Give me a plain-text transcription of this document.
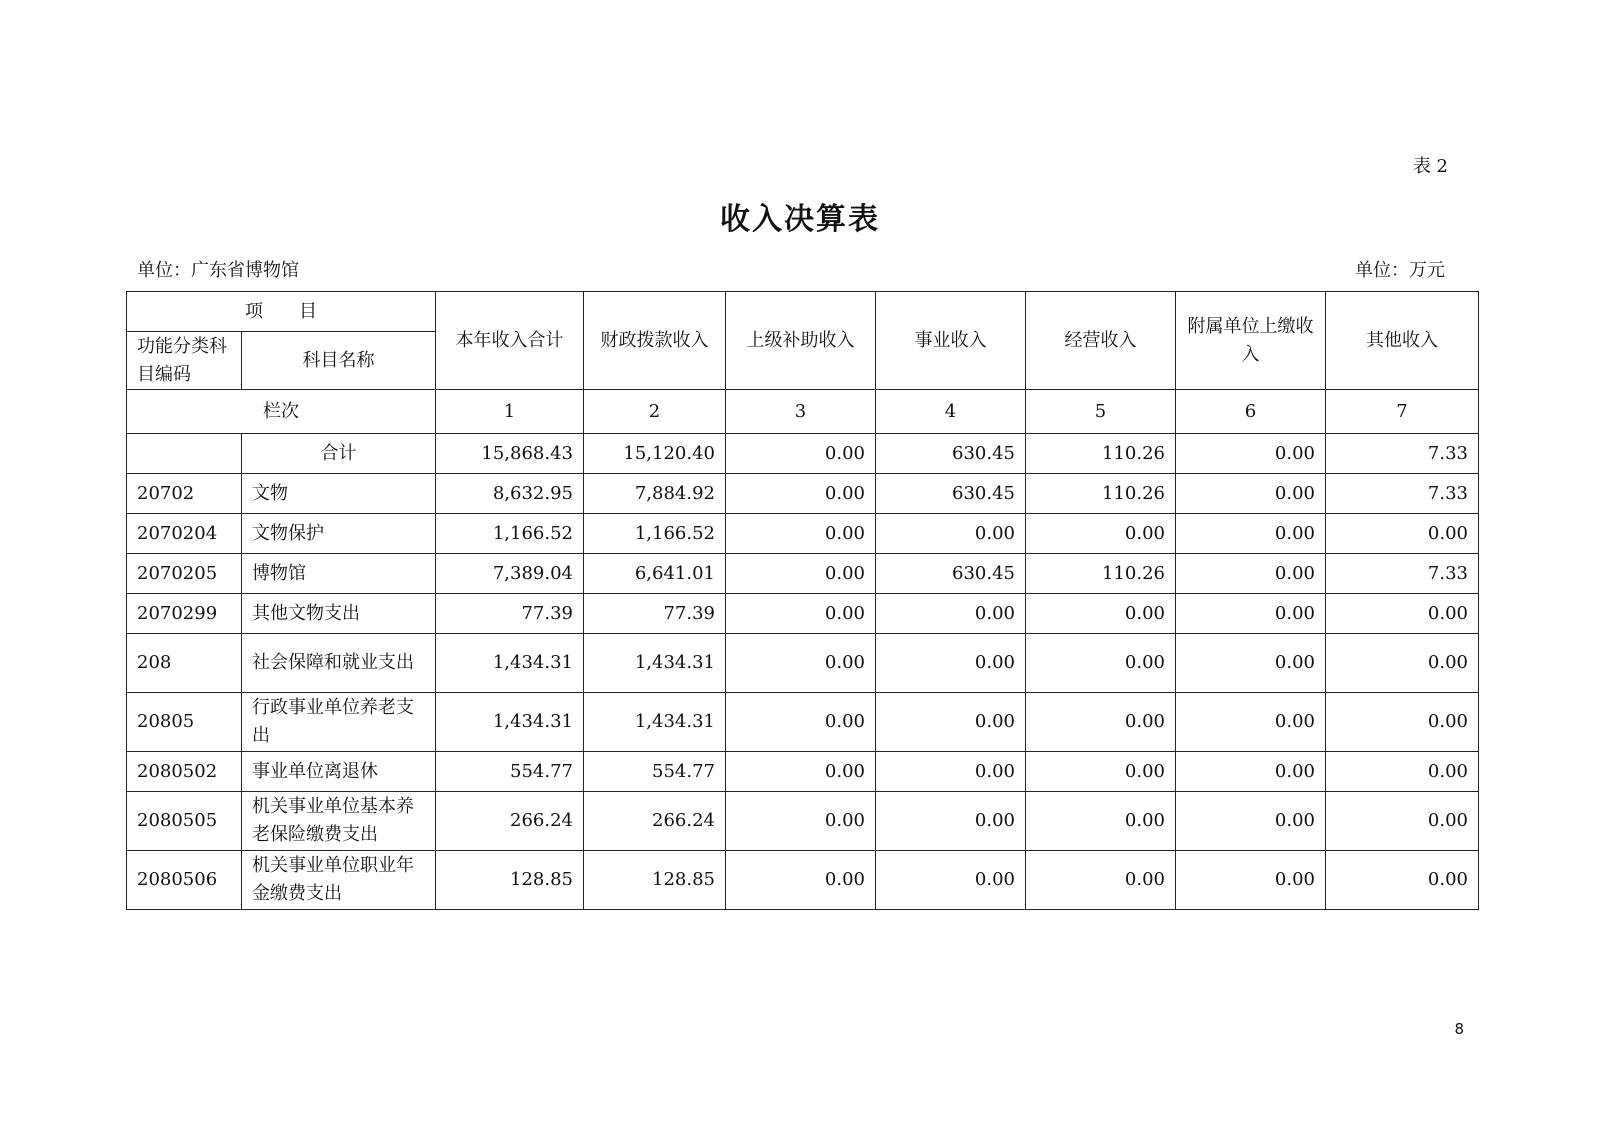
表 2
收入决算表
单位：广东省博物馆	单位：万元
项　　目		本年收入合计	财政拨款收入	上级补助收入	事业收入	经营收入	附属单位上缴收入	其他收入
功能分类科目编码	科目名称							
栏次		1	2	3	4	5	6	7
	合计	15,868.43	15,120.40	0.00	630.45	110.26	0.00	7.33
20702	文物	8,632.95	7,884.92	0.00	630.45	110.26	0.00	7.33
2070204	文物保护	1,166.52	1,166.52	0.00	0.00	0.00	0.00	0.00
2070205	博物馆	7,389.04	6,641.01	0.00	630.45	110.26	0.00	7.33
2070299	其他文物支出	77.39	77.39	0.00	0.00	0.00	0.00	0.00
208	社会保障和就业支出	1,434.31	1,434.31	0.00	0.00	0.00	0.00	0.00
20805	行政事业单位养老支出	1,434.31	1,434.31	0.00	0.00	0.00	0.00	0.00
2080502	事业单位离退休	554.77	554.77	0.00	0.00	0.00	0.00	0.00
2080505	机关事业单位基本养老保险缴费支出	266.24	266.24	0.00	0.00	0.00	0.00	0.00
2080506	机关事业单位职业年金缴费支出	128.85	128.85	0.00	0.00	0.00	0.00	0.00
8
